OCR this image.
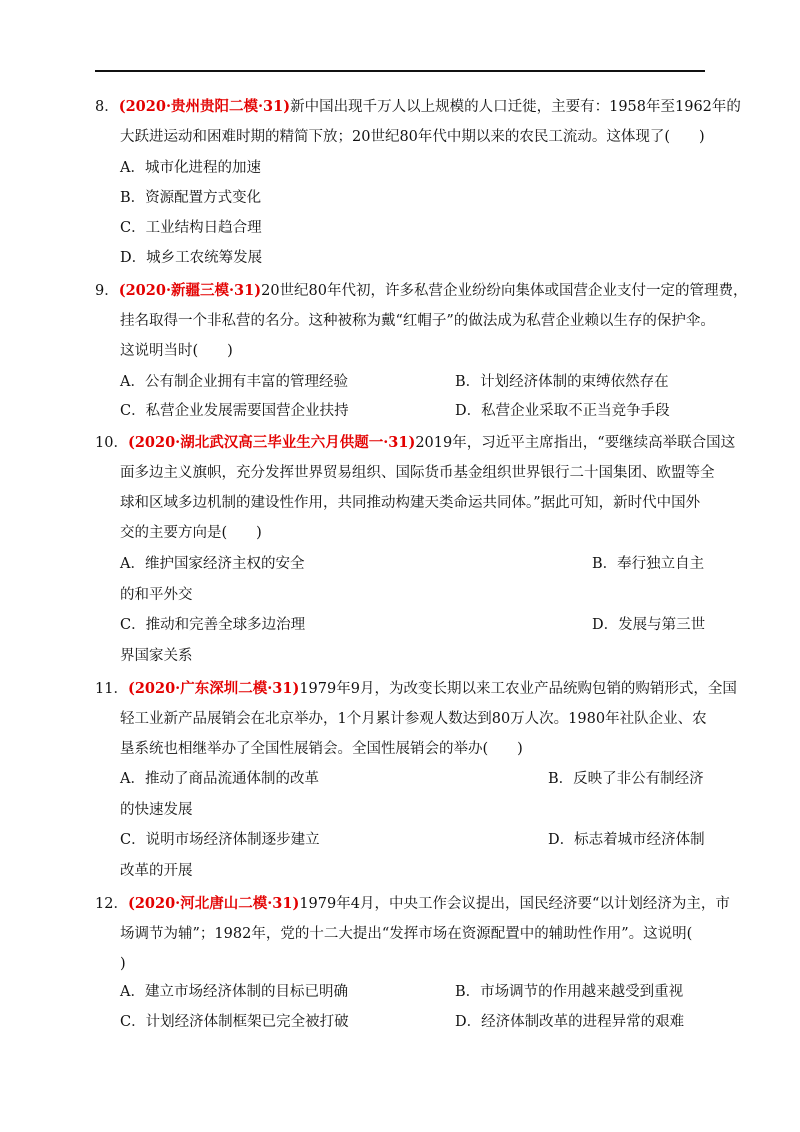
8．(2020·贵州贵阳二模·31)新中国出现千万人以上规模的人口迁徙，主要有：1958年至1962年的
大跃进运动和困难时期的精简下放；20世纪80年代中期以来的农民工流动。这体现了(　　)
A．城市化进程的加速
B．资源配置方式变化
C．工业结构日趋合理
D．城乡工农统筹发展
9．(2020·新疆三模·31)20世纪80年代初，许多私营企业纷纷向集体或国营企业支付一定的管理费，
挂名取得一个非私营的名分。这种被称为戴“红帽子”的做法成为私营企业赖以生存的保护伞。
这说明当时(　　)
A．公有制企业拥有丰富的管理经验	B．计划经济体制的束缚依然存在
C．私营企业发展需要国营企业扶持	D．私营企业采取不正当竞争手段
10．(2020·湖北武汉高三毕业生六月供题一·31)2019年，习近平主席指出，“要继续高举联合国这
面多边主义旗帜，充分发挥世界贸易组织、国际货币基金组织世界银行二十国集团、欧盟等全
球和区域多边机制的建设性作用，共同推动构建天类命运共同体。”据此可知，新时代中国外
交的主要方向是(　　)
A．维护国家经济主权的安全	B．奉行独立自主
的和平外交
C．推动和完善全球多边治理	D．发展与第三世
界国家关系
11．(2020·广东深圳二模·31)1979年9月，为改变长期以来工农业产品统购包销的购销形式，全国
轻工业新产品展销会在北京举办，1个月累计参观人数达到80万人次。1980年社队企业、农
垦系统也相继举办了全国性展销会。全国性展销会的举办(　　)
A．推动了商品流通体制的改革	B．反映了非公有制经济
的快速发展
C．说明市场经济体制逐步建立	D．标志着城市经济体制
改革的开展
12．(2020·河北唐山二模·31)1979年4月，中央工作会议提出，国民经济要“以计划经济为主，市
场调节为辅”；1982年，党的十二大提出“发挥市场在资源配置中的辅助性作用”。这说明(
)
A．建立市场经济体制的目标已明确	B．市场调节的作用越来越受到重视
C．计划经济体制框架已完全被打破	D．经济体制改革的进程异常的艰难
